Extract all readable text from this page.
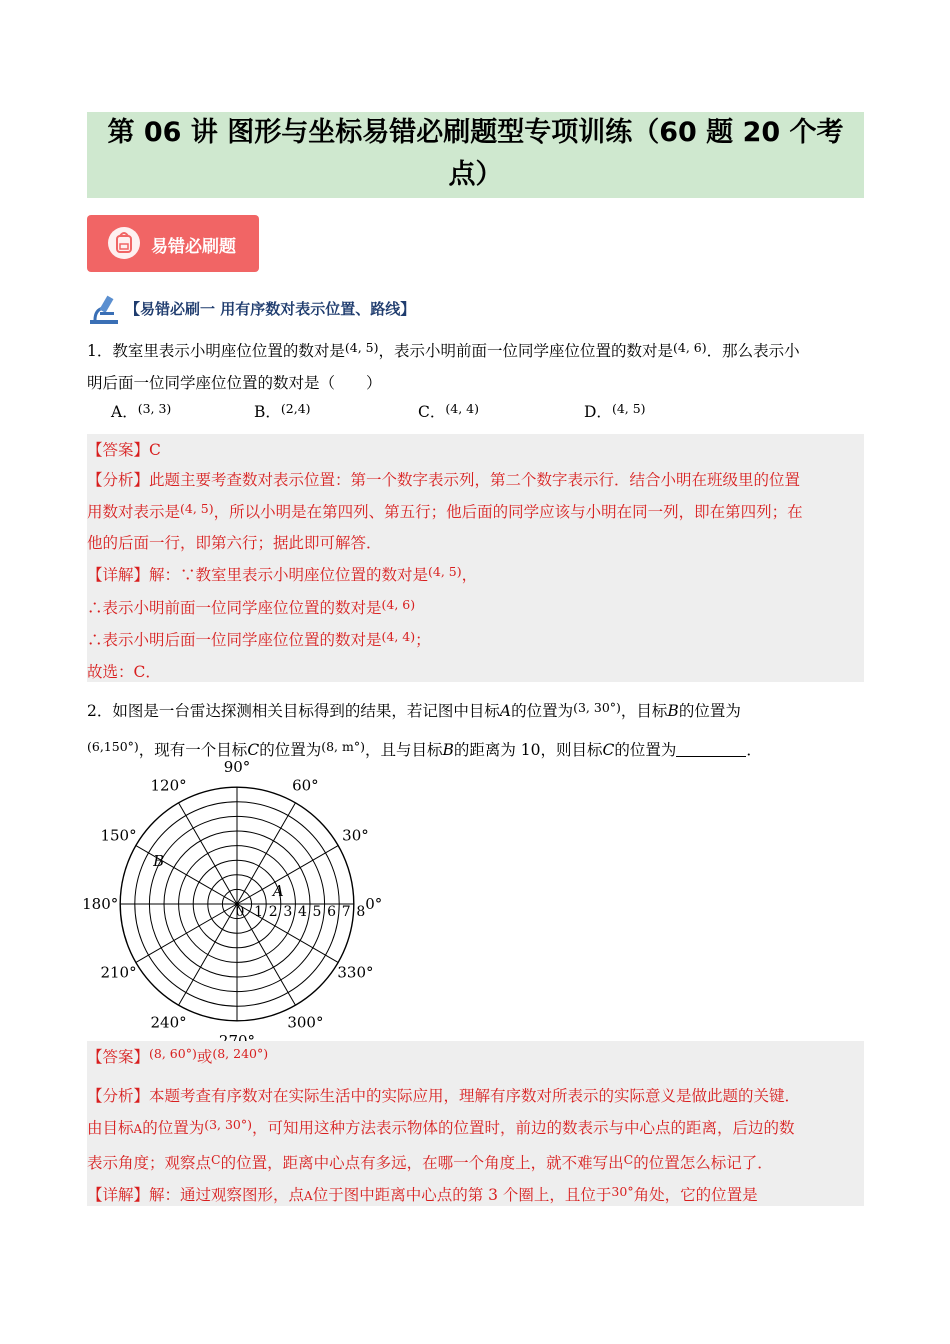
第 06 讲 图形与坐标易错必刷题型专项训练（60 题 20 个考
点）
易错必刷题
【易错必刷一 用有序数对表示位置、路线】
1．教室里表示小明座位位置的数对是$^{(4, 5)}$，表示小明前面一位同学座位位置的数对是$^{(4, 6)}$．那么表示小
明后面一位同学座位位置的数对是（　　）
A．$^{(3, 3)}$	B．$^{(2,4)}$	C．$^{(4, 4)}$	D．$^{(4, 5)}$
【答案】C
【分析】此题主要考查数对表示位置：第一个数字表示列，第二个数字表示行．结合小明在班级里的位置
用数对表示是$^{(4, 5)}$，所以小明是在第四列、第五行；他后面的同学应该与小明在同一列，即在第四列；在
他的后面一行，即第六行；据此即可解答．
【详解】解：∵教室里表示小明座位位置的数对是$^{(4, 5)}$，
∴表示小明前面一位同学座位位置的数对是$^{(4, 6)}$
∴表示小明后面一位同学座位位置的数对是$^{(4, 4)}$；
故选：C．
2．如图是一台雷达探测相关目标得到的结果，若记图中目标A的位置为$^{(3, 30^\circ)}$，目标B的位置为
$^{(6,150^\circ)}$，现有一个目标C的位置为$^{(8, m^\circ)}$，且与目标B的距离为 10，则目标C的位置为	．
0°
30°
60°
90°
120°
150°
180°
210°
240°	300°
330°
0 1 2 3 4 5 6 7 8
A
B
【答案】$^{(8, 60^\circ)}$或$^{(8, 240^\circ)}$
【分析】本题考查有序数对在实际生活中的实际应用，理解有序数对所表示的实际意义是做此题的关键．
由目标A的位置为$^{(3, 30^\circ)}$，可知用这种方法表示物体的位置时，前边的数表示与中心点的距离，后边的数
表示角度；观察点$^C$的位置，距离中心点有多远，在哪一个角度上，就不难写出$^C$的位置怎么标记了．
【详解】解：通过观察图形，点A位于图中距离中心点的第 3 个圈上，且位于$^{30^\circ}$角处，它的位置是
